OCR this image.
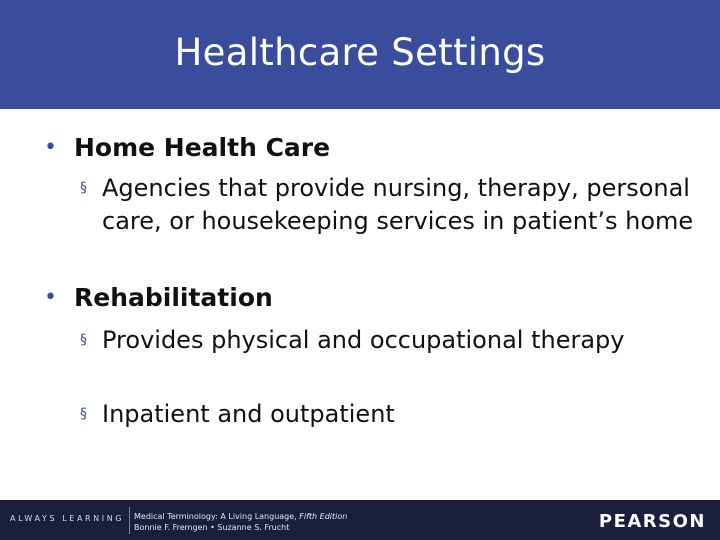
Healthcare Settings
• Home Health Care
§ Agencies that provide nursing, therapy, personal care, or housekeeping services in patient’s home
• Rehabilitation
§ Provides physical and occupational therapy
§ Inpatient and outpatient
ALWAYS LEARNING Medical Terminology: A Living Language, Fifth Edition
Bonnie F. Fremgen • Suzanne S. Frucht	PEARSON
